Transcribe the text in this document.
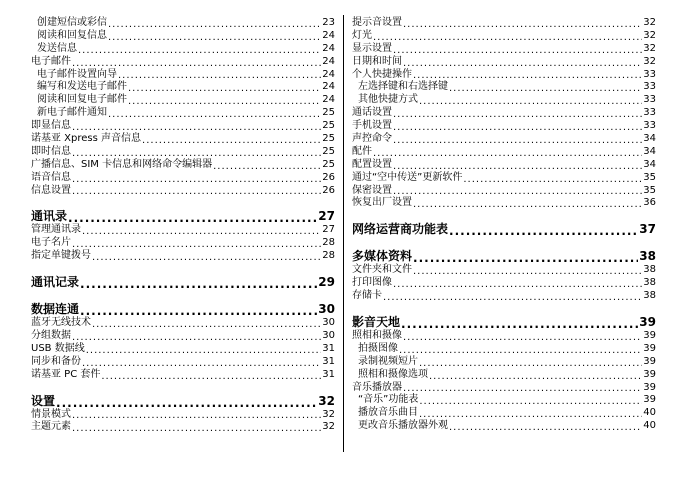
创建短信或彩信 .....	23
阅读和回复信息 .....	24
发送信息 .....	24
电子邮件 .....	24
电子邮件设置向导 .....	24
编写和发送电子邮件 .....	24
阅读和回复电子邮件 .....	24
新电子邮件通知 .....	25
即显信息 .....	25
诺基亚 Xpress 声音信息 .....	25
即时信息 .....	25
广播信息、SIM 卡信息和网络命令编辑器 .....	25
语音信息 .....	26
信息设置 .....	26
通讯录 .....	27
管理通讯录 .....	27
电子名片 .....	28
指定单键拨号 .....	28
通讯记录 .....	29
数据连通 .....	30
蓝牙无线技术 .....	30
分组数据 .....	30
USB 数据线 .....	31
同步和备份 .....	31
诺基亚 PC 套件 .....	31
设置 .....	32
情景模式 .....	32
主题元素 .....	32
提示音设置 .....	32
灯光 .....	32
显示设置 .....	32
日期和时间 .....	32
个人快捷操作 .....	33
左选择键和右选择键 .....	33
其他快捷方式 .....	33
通话设置 .....	33
手机设置 .....	33
声控命令 .....	34
配件 .....	34
配置设置 .....	34
通过“空中传送”更新软件 .....	35
保密设置 .....	35
恢复出厂设置 .....	36
网络运营商功能表 .....	37
多媒体资料 .....	38
文件夹和文件 .....	38
打印图像 .....	38
存储卡 .....	38
影音天地 .....	39
照相和摄像 .....	39
拍摄图像 .....	39
录制视频短片 .....	39
照相和摄像选项 .....	39
音乐播放器 .....	39
“音乐”功能表 .....	39
播放音乐曲目 .....	40
更改音乐播放器外观 .....	40
